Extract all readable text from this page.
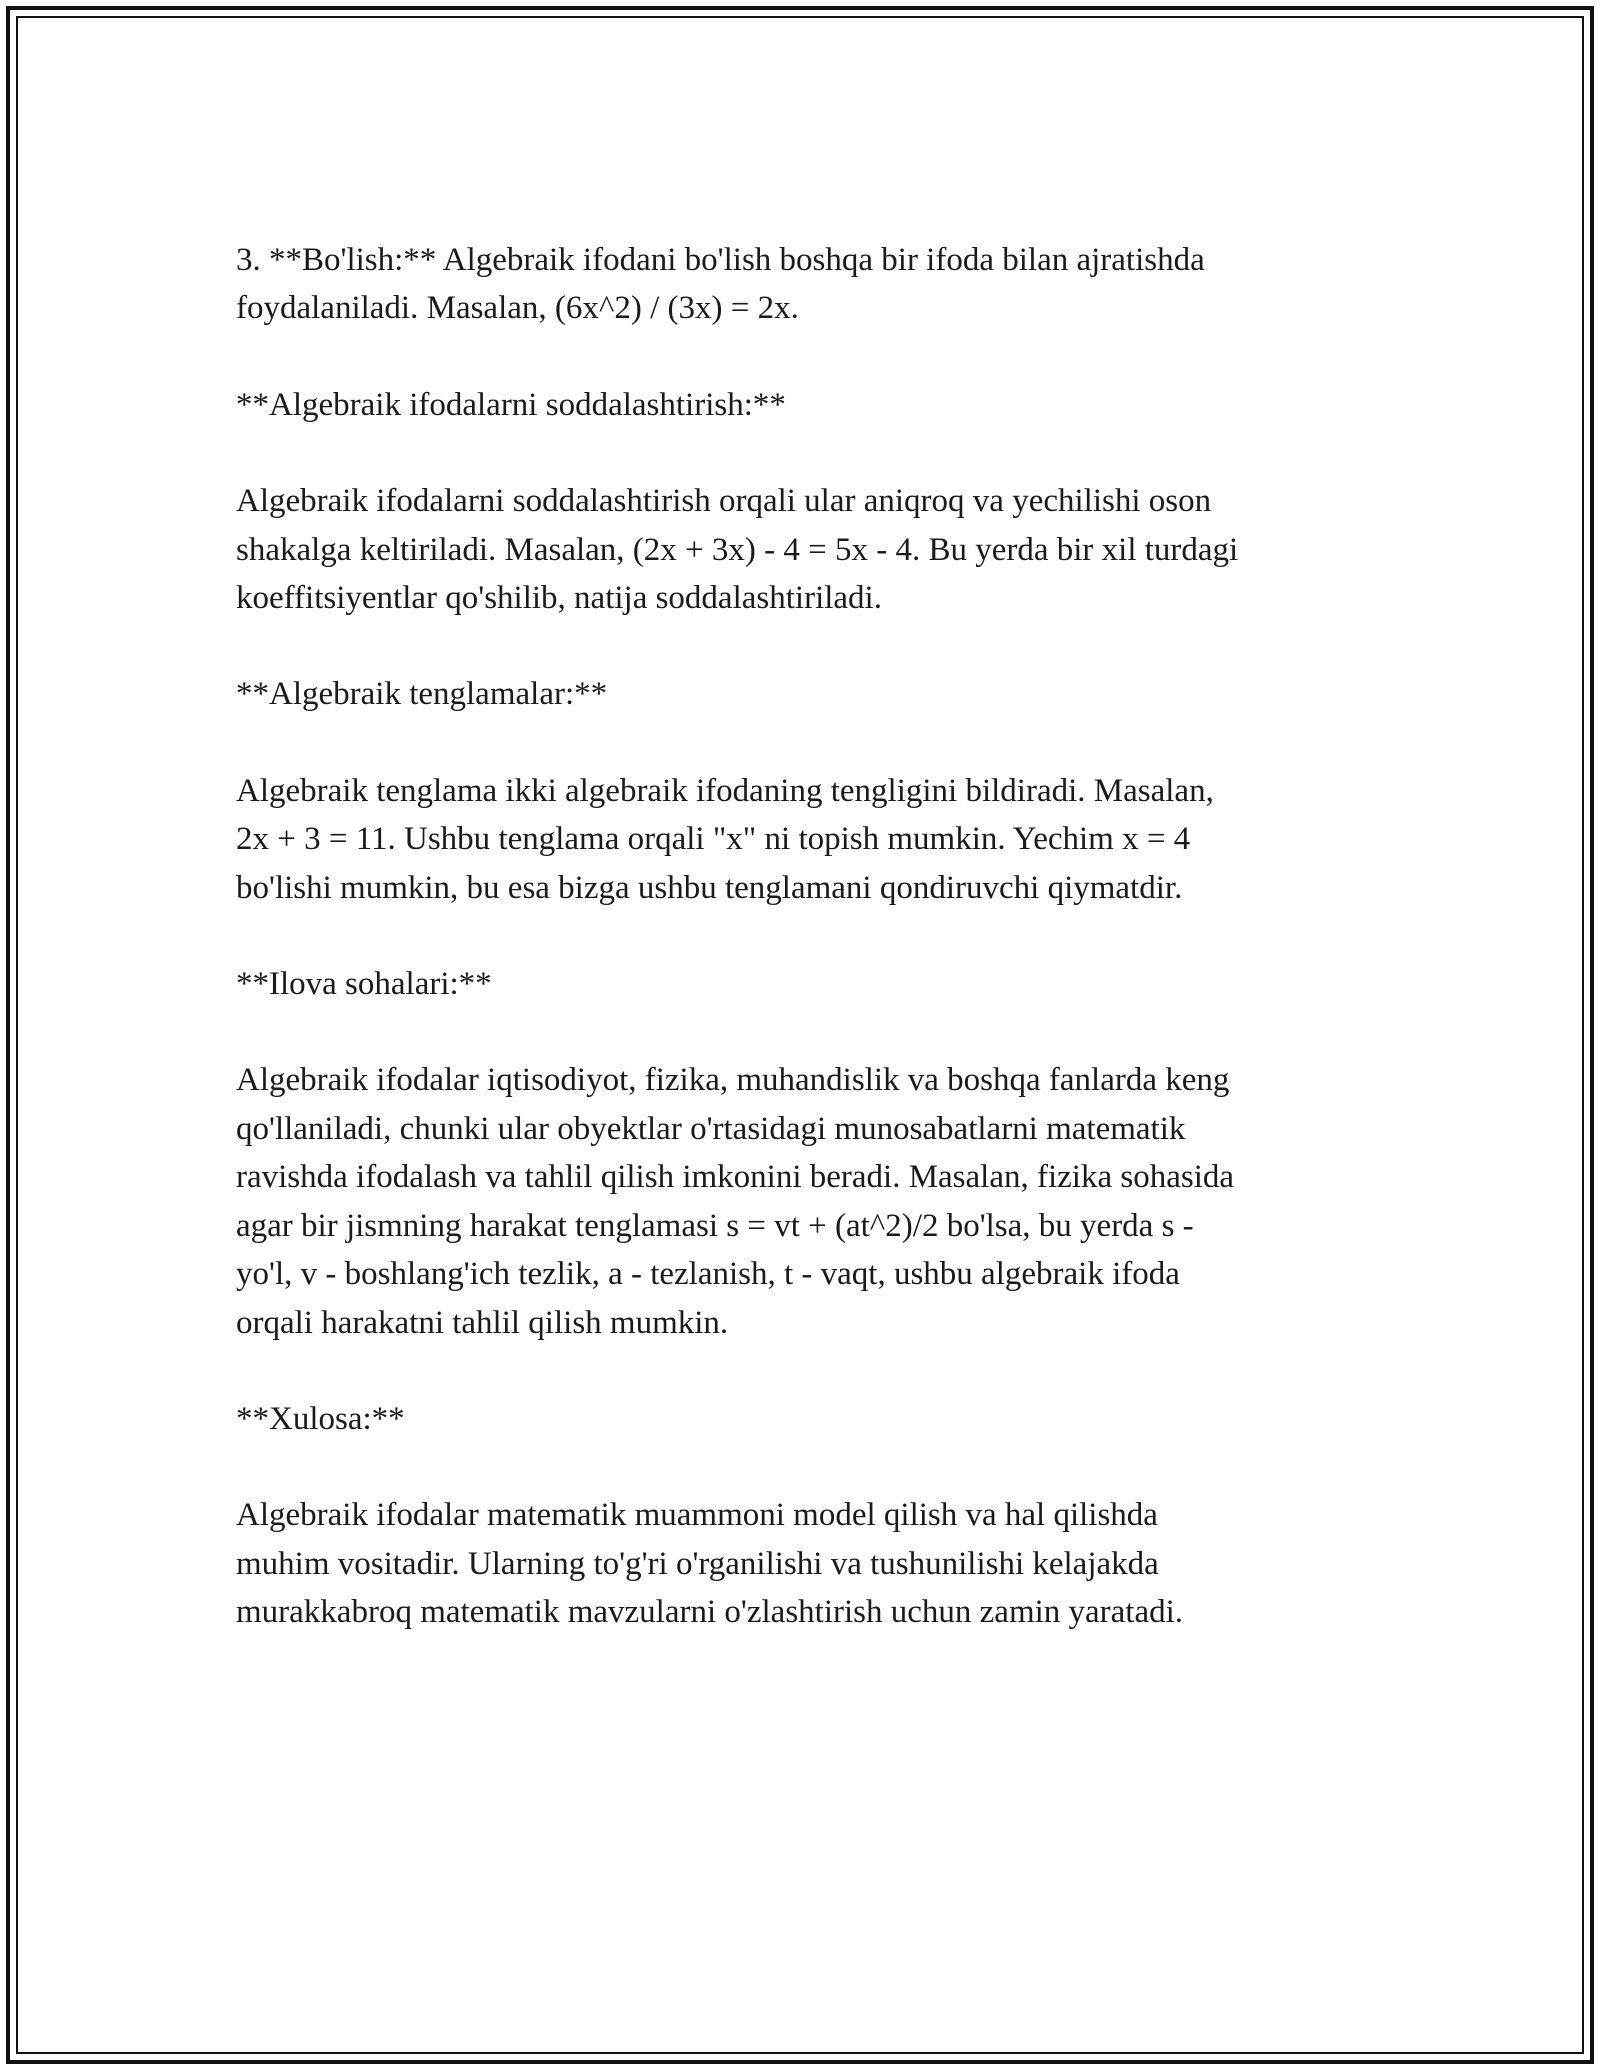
3. **Bo'lish:** Algebraik ifodani bo'lish boshqa bir ifoda bilan ajratishda
foydalaniladi. Masalan, (6x^2) / (3x) = 2x.

**Algebraik ifodalarni soddalashtirish:**

Algebraik ifodalarni soddalashtirish orqali ular aniqroq va yechilishi oson
shakalga keltiriladi. Masalan, (2x + 3x) - 4 = 5x - 4. Bu yerda bir xil turdagi
koeffitsiyentlar qo'shilib, natija soddalashtiriladi.

**Algebraik tenglamalar:**

Algebraik tenglama ikki algebraik ifodaning tengligini bildiradi. Masalan,
2x + 3 = 11. Ushbu tenglama orqali "x" ni topish mumkin. Yechim x = 4
bo'lishi mumkin, bu esa bizga ushbu tenglamani qondiruvchi qiymatdir.

**Ilova sohalari:**

Algebraik ifodalar iqtisodiyot, fizika, muhandislik va boshqa fanlarda keng
qo'llaniladi, chunki ular obyektlar o'rtasidagi munosabatlarni matematik
ravishda ifodalash va tahlil qilish imkonini beradi. Masalan, fizika sohasida
agar bir jismning harakat tenglamasi s = vt + (at^2)/2 bo'lsa, bu yerda s -
yo'l, v - boshlang'ich tezlik, a - tezlanish, t - vaqt, ushbu algebraik ifoda
orqali harakatni tahlil qilish mumkin.

**Xulosa:**

Algebraik ifodalar matematik muammoni model qilish va hal qilishda
muhim vositadir. Ularning to'g'ri o'rganilishi va tushunilishi kelajakda
murakkabroq matematik mavzularni o'zlashtirish uchun zamin yaratadi.
